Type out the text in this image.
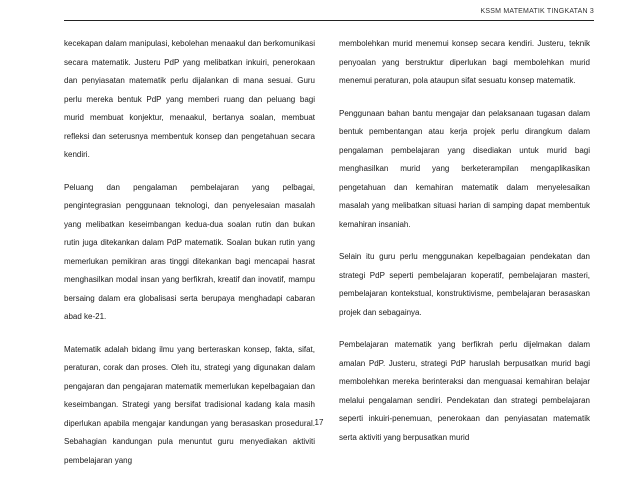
KSSM MATEMATIK TINGKATAN 3

kecekapan dalam manipulasi, kebolehan menaakul dan berkomunikasi secara matematik. Justeru PdP yang melibatkan inkuiri, penerokaan dan penyiasatan matematik perlu dijalankan di mana sesuai. Guru perlu mereka bentuk PdP yang memberi ruang dan peluang bagi murid membuat konjektur, menaakul, bertanya soalan, membuat refleksi dan seterusnya membentuk konsep dan pengetahuan secara kendiri.

Peluang dan pengalaman pembelajaran yang pelbagai, pengintegrasian penggunaan teknologi, dan penyelesaian masalah yang melibatkan keseimbangan kedua-dua soalan rutin dan bukan rutin juga ditekankan dalam PdP matematik. Soalan bukan rutin yang memerlukan pemikiran aras tinggi ditekankan bagi mencapai hasrat menghasilkan modal insan yang berfikrah, kreatif dan inovatif, mampu bersaing dalam era globalisasi serta berupaya menghadapi cabaran abad ke-21.

Matematik adalah bidang ilmu yang berteraskan konsep, fakta, sifat, peraturan, corak dan proses. Oleh itu, strategi yang digunakan dalam pengajaran dan pengajaran matematik memerlukan kepelbagaian dan keseimbangan. Strategi yang bersifat tradisional kadang kala masih diperlukan apabila mengajar kandungan yang berasaskan prosedural. Sebahagian kandungan pula menuntut guru menyediakan aktiviti pembelajaran yang

membolehkan murid menemui konsep secara kendiri. Justeru, teknik penyoalan yang berstruktur diperlukan bagi membolehkan murid menemui peraturan, pola ataupun sifat sesuatu konsep matematik.

Penggunaan bahan bantu mengajar dan pelaksanaan tugasan dalam bentuk pembentangan atau kerja projek perlu dirangkum dalam pengalaman pembelajaran yang disediakan untuk murid bagi menghasilkan murid yang berketerampilan mengaplikasikan pengetahuan dan kemahiran matematik dalam menyelesaikan masalah yang melibatkan situasi harian di samping dapat membentuk kemahiran insaniah.

Selain itu guru perlu menggunakan kepelbagaian pendekatan dan strategi PdP seperti pembelajaran koperatif, pembelajaran masteri, pembelajaran kontekstual, konstruktivisme, pembelajaran berasaskan projek dan sebagainya.

Pembelajaran matematik yang berfikrah perlu dijelmakan dalam amalan PdP. Justeru, strategi PdP haruslah berpusatkan murid bagi membolehkan mereka berinteraksi dan menguasai kemahiran belajar melalui pengalaman sendiri. Pendekatan dan strategi pembelajaran seperti inkuiri-penemuan, penerokaan dan penyiasatan matematik serta aktiviti yang berpusatkan murid

17
